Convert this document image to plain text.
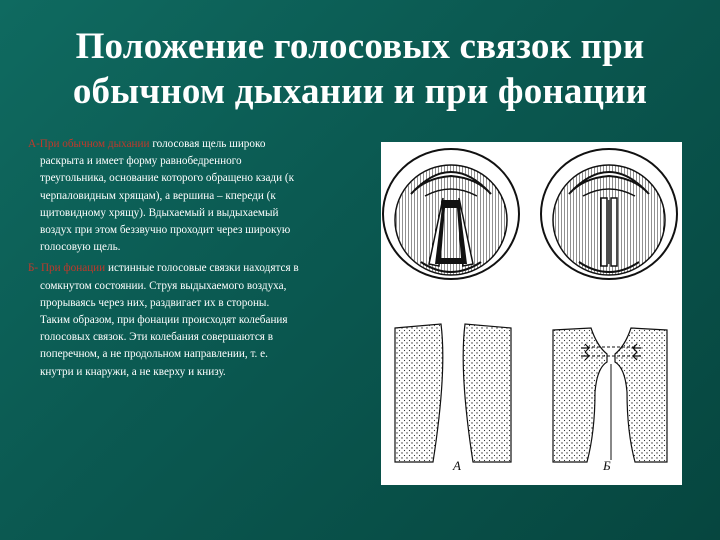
Положение голосовых связок при
обычном дыхании и при фонации

А-При обычном дыхании голосовая щель широко раскрыта и имеет форму равнобедренного треугольника, основание которого обращено кзади (к черпаловидным хрящам), а вершина – кпереди (к щитовидному хрящу). Вдыхаемый и выдыхаемый воздух при этом беззвучно проходит через широкую голосовую щель.

Б- При фонации истинные голосовые связки находятся в сомкнутом состоянии. Струя выдыхаемого воздуха, прорываясь через них, раздвигает их в стороны. Таким образом, при фонации происходят колебания голосовых связок. Эти колебания совершаются в поперечном, а не продольном направлении, т. е. кнутри и кнаружи, а не кверху и книзу.

А	Б
